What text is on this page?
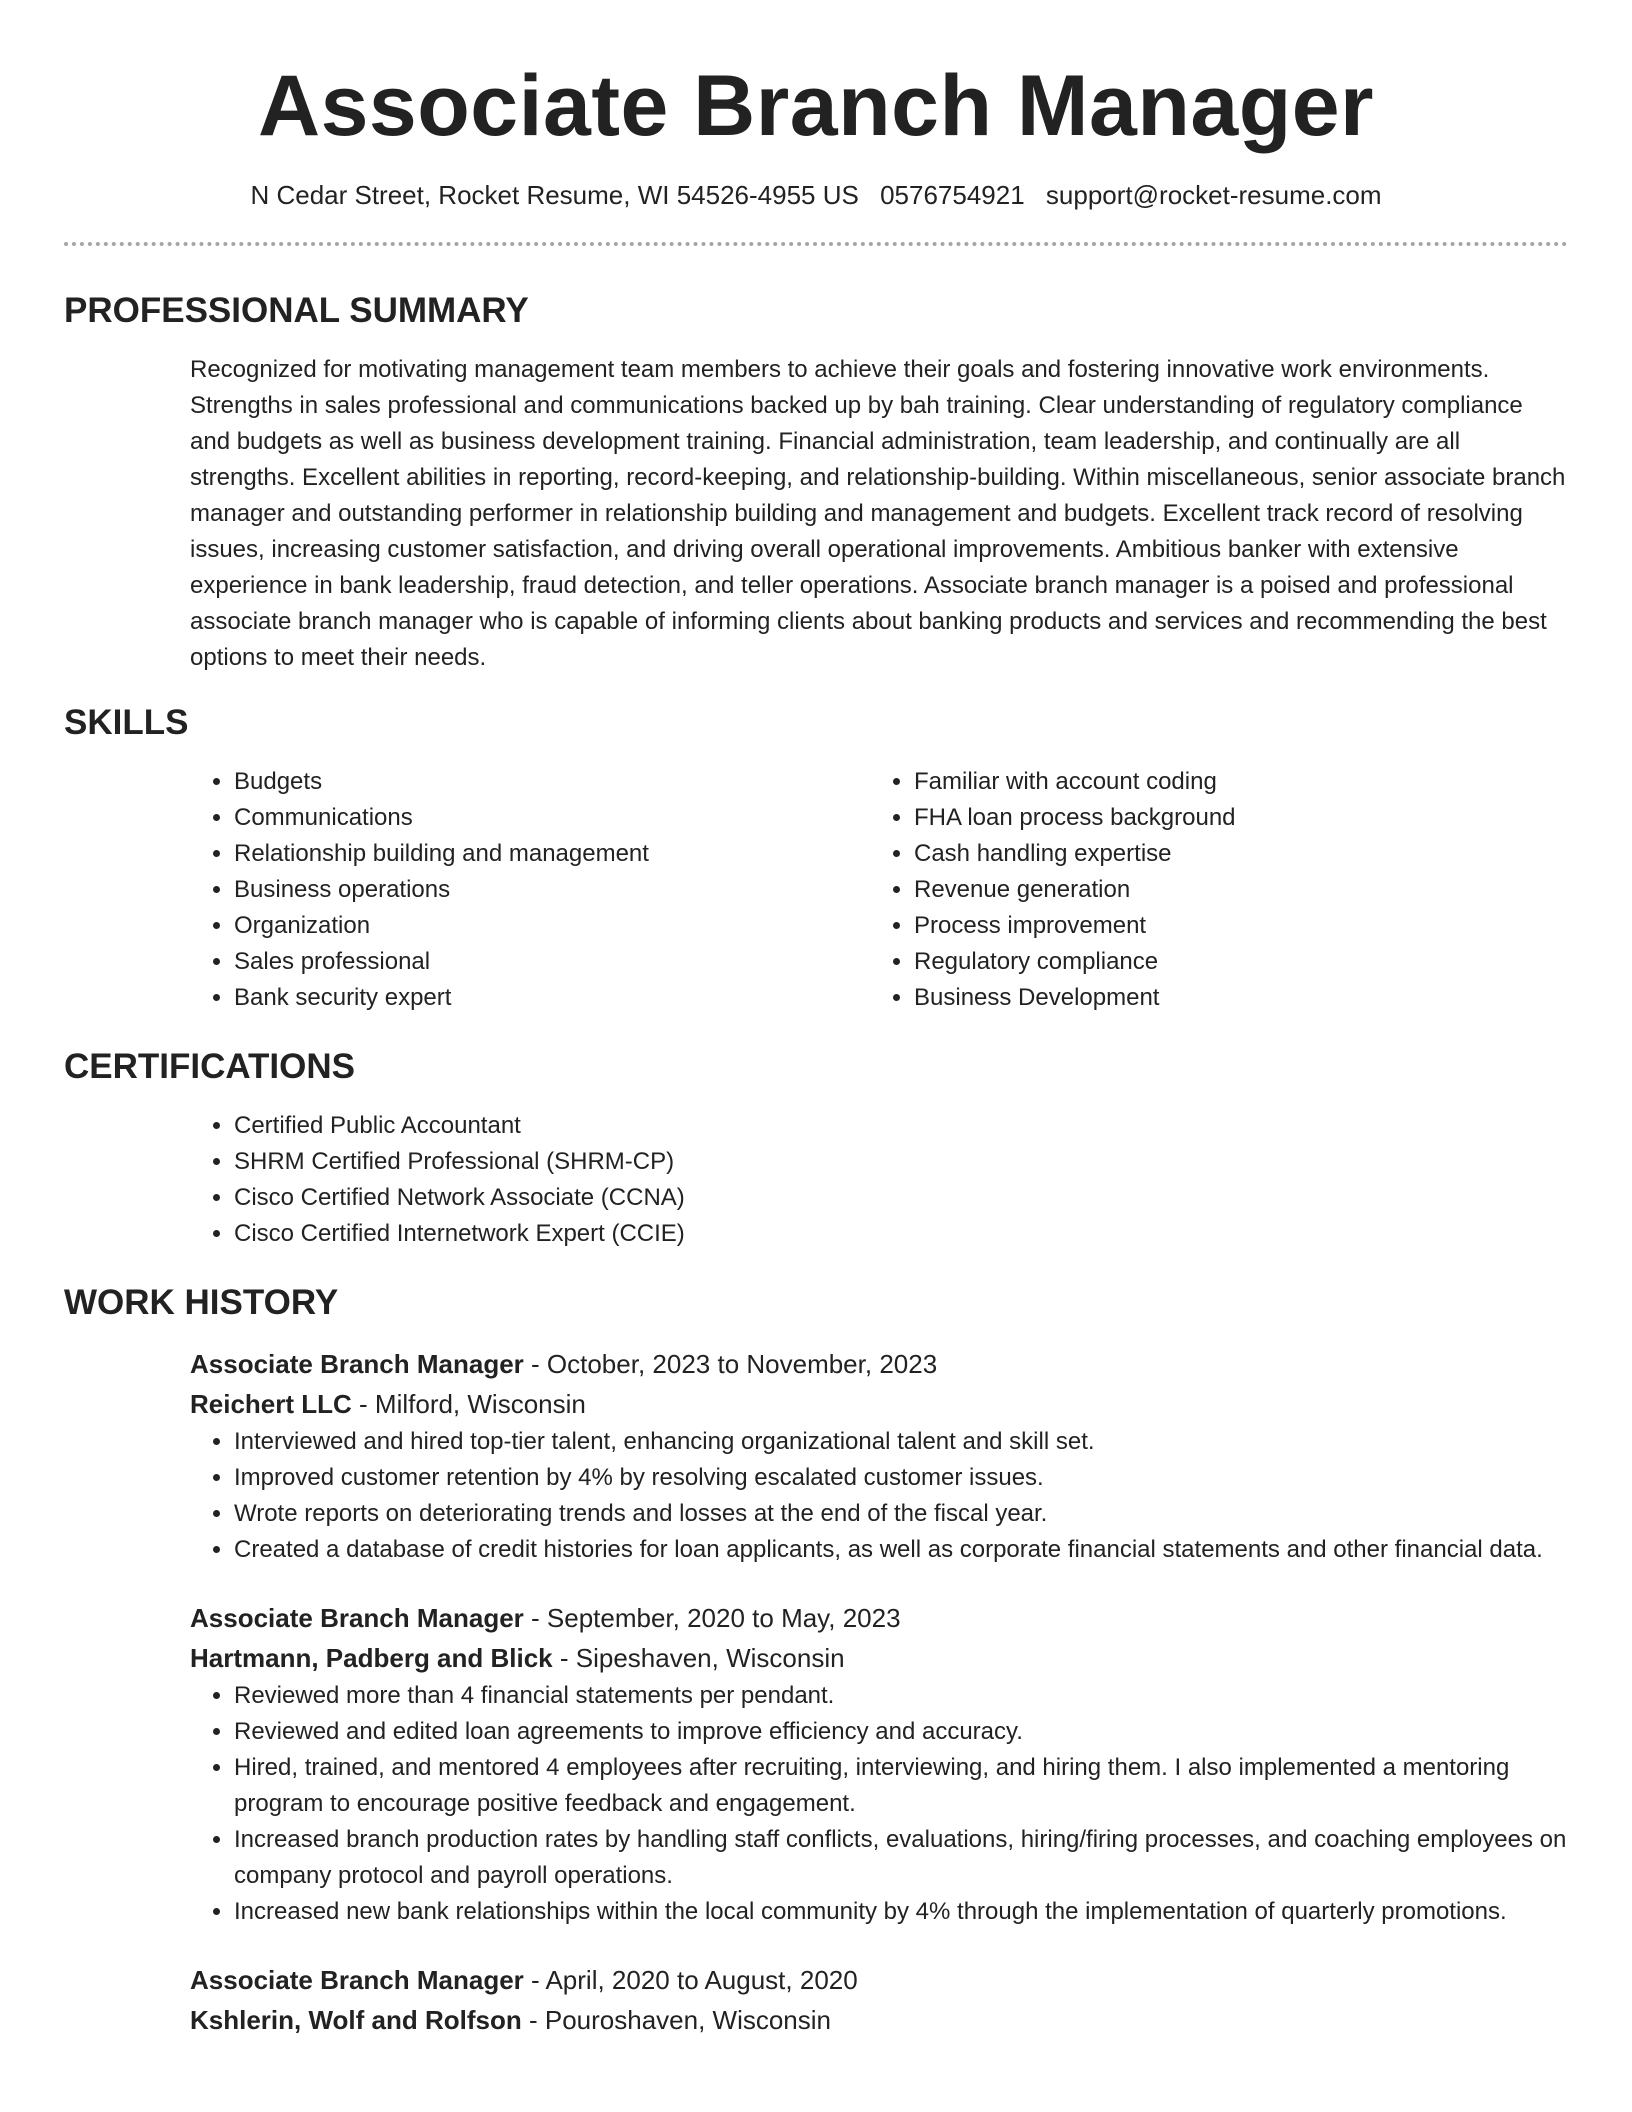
Associate Branch Manager
N Cedar Street, Rocket Resume, WI 54526-4955 US 0576754921 support@rocket-resume.com
PROFESSIONAL SUMMARY

Recognized for motivating management team members to achieve their goals and fostering innovative work environments. Strengths in sales professional and communications backed up by bah training. Clear understanding of regulatory compliance and budgets as well as business development training. Financial administration, team leadership, and continually are all strengths. Excellent abilities in reporting, record-keeping, and relationship-building. Within miscellaneous, senior associate branch manager and outstanding performer in relationship building and management and budgets. Excellent track record of resolving issues, increasing customer satisfaction, and driving overall operational improvements. Ambitious banker with extensive experience in bank leadership, fraud detection, and teller operations. Associate branch manager is a poised and professional associate branch manager who is capable of informing clients about banking products and services and recommending the best options to meet their needs.

SKILLS
• Budgets
• Communications
• Relationship building and management
• Business operations
• Organization
• Sales professional
• Bank security expert
• Familiar with account coding
• FHA loan process background
• Cash handling expertise
• Revenue generation
• Process improvement
• Regulatory compliance
• Business Development
CERTIFICATIONS
• Certified Public Accountant
• SHRM Certified Professional (SHRM-CP)
• Cisco Certified Network Associate (CCNA)
• Cisco Certified Internetwork Expert (CCIE)
WORK HISTORY
Associate Branch Manager - October, 2023 to November, 2023
Reichert LLC - Milford, Wisconsin
• Interviewed and hired top-tier talent, enhancing organizational talent and skill set.
• Improved customer retention by 4% by resolving escalated customer issues.
• Wrote reports on deteriorating trends and losses at the end of the fiscal year.
• Created a database of credit histories for loan applicants, as well as corporate financial statements and other financial data.
Associate Branch Manager - September, 2020 to May, 2023
Hartmann, Padberg and Blick - Sipeshaven, Wisconsin
• Reviewed more than 4 financial statements per pendant.
• Reviewed and edited loan agreements to improve efficiency and accuracy.
• Hired, trained, and mentored 4 employees after recruiting, interviewing, and hiring them. I also implemented a mentoring program to encourage positive feedback and engagement.
• Increased branch production rates by handling staff conflicts, evaluations, hiring/firing processes, and coaching employees on company protocol and payroll operations.
• Increased new bank relationships within the local community by 4% through the implementation of quarterly promotions.
Associate Branch Manager - April, 2020 to August, 2020
Kshlerin, Wolf and Rolfson - Pouroshaven, Wisconsin
